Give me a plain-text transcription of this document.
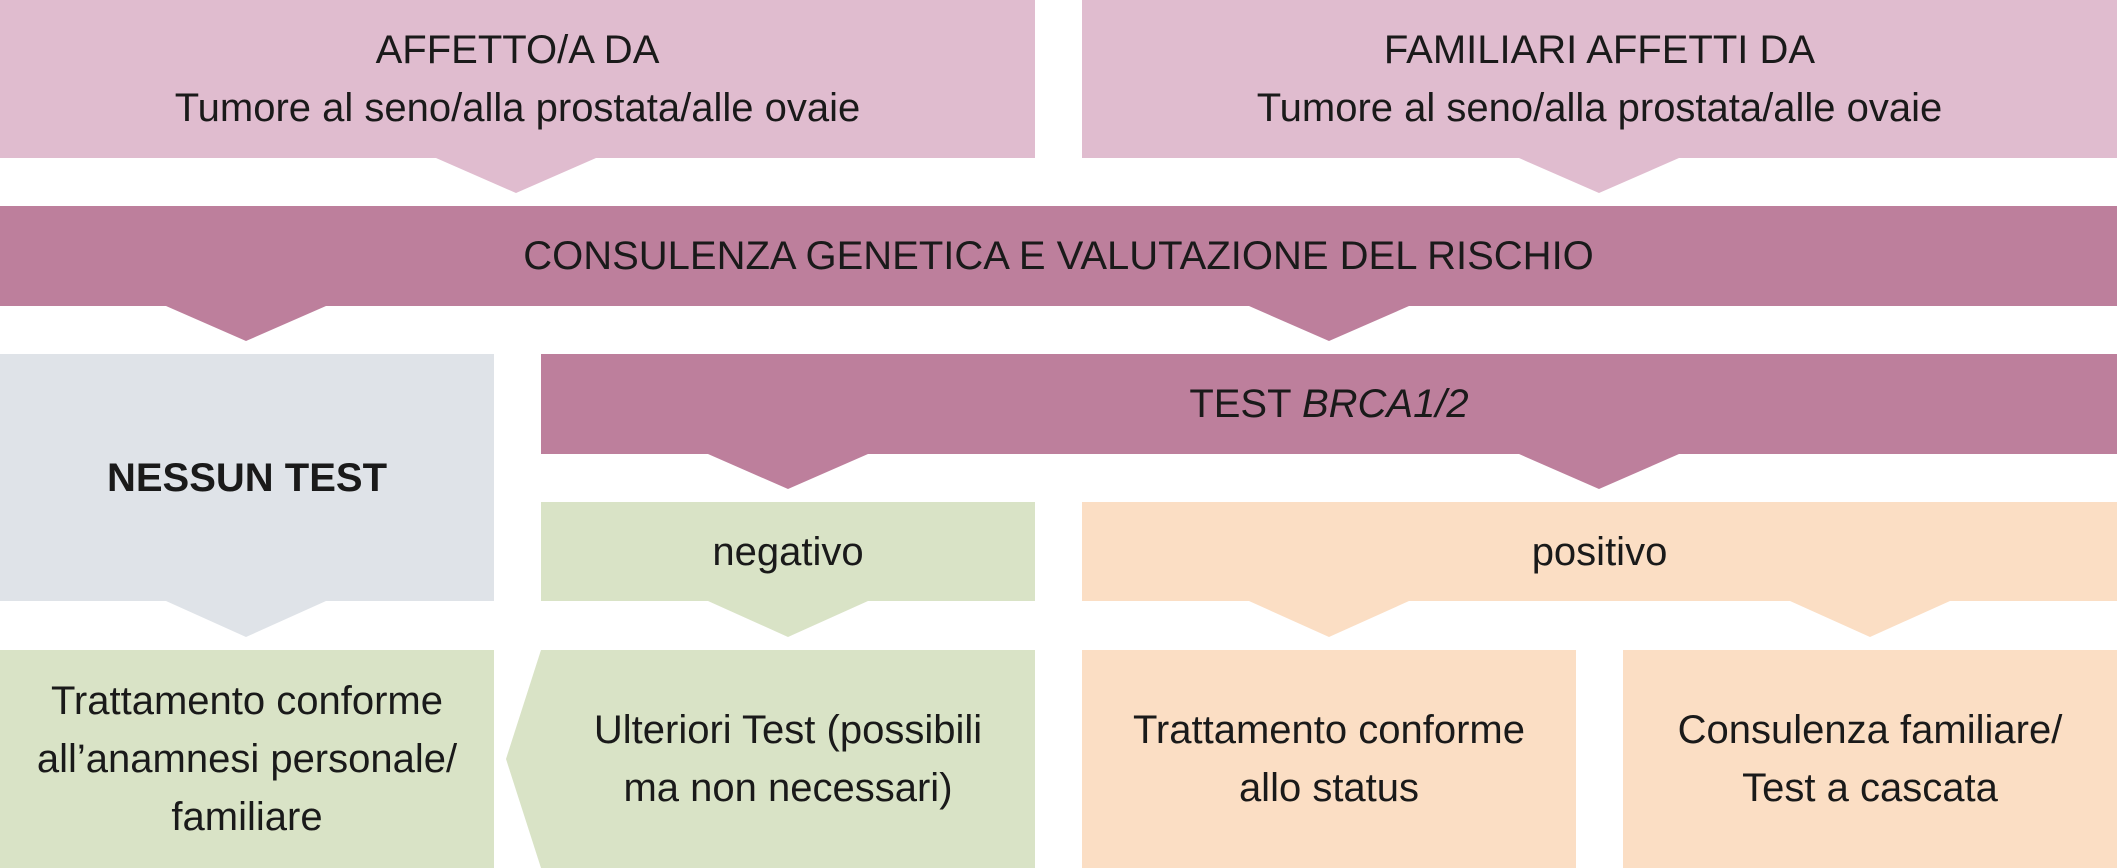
AFFETTO/A DA
Tumore al seno/alla prostata/alle ovaie
FAMILIARI AFFETTI DA
Tumore al seno/alla prostata/alle ovaie
CONSULENZA GENETICA E VALUTAZIONE DEL RISCHIO
NESSUN TEST
TEST BRCA1/2
negativo	positivo
Trattamento conforme
all’anamnesi personale/
familiare
Ulteriori Test (possibili
ma non necessari)
Trattamento conforme
allo status
Consulenza familiare/
Test a cascata
